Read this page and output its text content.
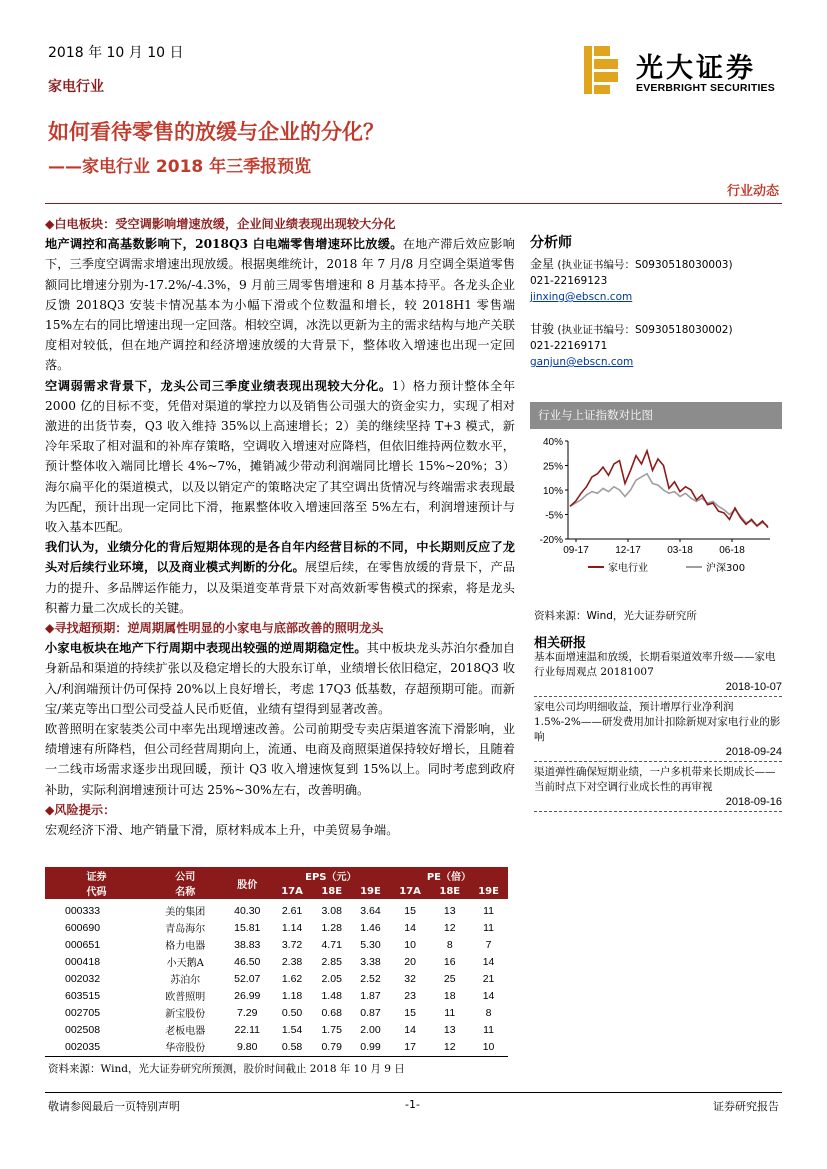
2018 年 10 月 10 日
家电行业
光大证券
EVERBRIGHT SECURITIES
如何看待零售的放缓与企业的分化？
——家电行业 2018 年三季报预览
行业动态

◆白电板块：受空调影响增速放缓，企业间业绩表现出现较大分化

地产调控和高基数影响下，2018Q3 白电端零售增速环比放缓。在地产滞后效应影响下，三季度空调需求增速出现放缓。根据奥维统计，2018 年 7 月/8 月空调全渠道零售额同比增速分别为-17.2%/-4.3%，9 月前三周零售增速和 8 月基本持平。各龙头企业反馈 2018Q3 安装卡情况基本为小幅下滑或个位数温和增长，较 2018H1 零售端 15%左右的同比增速出现一定回落。相较空调，冰洗以更新为主的需求结构与地产关联度相对较低，但在地产调控和经济增速放缓的大背景下，整体收入增速也出现一定回落。

空调弱需求背景下，龙头公司三季度业绩表现出现较大分化。1）格力预计整体全年 2000 亿的目标不变，凭借对渠道的掌控力以及销售公司强大的资金实力，实现了相对激进的出货节奏，Q3 收入维持 35%以上高速增长；2）美的继续坚持 T+3 模式，新冷年采取了相对温和的补库存策略，空调收入增速对应降档，但依旧维持两位数水平，预计整体收入端同比增长 4%~7%，摊销减少带动利润端同比增长 15%~20%；3）海尔扁平化的渠道模式，以及以销定产的策略决定了其空调出货情况与终端需求表现最为匹配，预计出现一定同比下滑，拖累整体收入增速回落至 5%左右，利润增速预计与收入基本匹配。

我们认为，业绩分化的背后短期体现的是各自年内经营目标的不同，中长期则反应了龙头对后续行业环境，以及商业模式判断的分化。展望后续，在零售放缓的背景下，产品力的提升、多品牌运作能力，以及渠道变革背景下对高效新零售模式的探索，将是龙头积蓄力量二次成长的关键。

◆寻找超预期：逆周期属性明显的小家电与底部改善的照明龙头

小家电板块在地产下行周期中表现出较强的逆周期稳定性。其中板块龙头苏泊尔叠加自身新品和渠道的持续扩张以及稳定增长的大股东订单，业绩增长依旧稳定，2018Q3 收入/利润端预计仍可保持 20%以上良好增长，考虑 17Q3 低基数，存超预期可能。而新宝/莱克等出口型公司受益人民币贬值，业绩有望得到显著改善。

欧普照明在家装类公司中率先出现增速改善。公司前期受专卖店渠道客流下滑影响，业绩增速有所降档，但公司经营周期向上，流通、电商及商照渠道保持较好增长，且随着一二线市场需求逐步出现回暖，预计 Q3 收入增速恢复到 15%以上。同时考虑到政府补助，实际利润增速预计可达 25%~30%左右，改善明确。

◆风险提示：

宏观经济下滑、地产销量下滑，原材料成本上升，中美贸易争端。

分析师
金星 (执业证书编号：S0930518030003)
021-22169123
jinxing@ebscn.com
甘骏 (执业证书编号：S0930518030002)
021-22169171
ganjun@ebscn.com
行业与上证指数对比图
40%
25%
10%
-5%
-20%
09-17	12-17	03-18	06-18
家电行业	沪深300
资料来源：Wind，光大证券研究所
相关研报
基本面增速温和放缓，长期看渠道效率升级——家电行业每周观点 20181007
2018-10-07
家电公司均明细收益，预计增厚行业净利润 1.5%-2%——研发费用加计扣除新规对家电行业的影响
2018-09-24
渠道弹性确保短期业绩，一户多机带来长期成长——当前时点下对空调行业成长性的再审视
2018-09-16
证券
代码	公司
名称	股价	EPS（元）			PE（倍）		
			17A	18E	19E	17A	18E	19E
000333	美的集团	40.30	2.61	3.08	3.64	15	13	11
600690	青岛海尔	15.81	1.14	1.28	1.46	14	12	11
000651	格力电器	38.83	3.72	4.71	5.30	10	8	7
000418	小天鹅A	46.50	2.38	2.85	3.38	20	16	14
002032	苏泊尔	52.07	1.62	2.05	2.52	32	25	21
603515	欧普照明	26.99	1.18	1.48	1.87	23	18	14
002705	新宝股份	7.29	0.50	0.68	0.87	15	11	8
002508	老板电器	22.11	1.54	1.75	2.00	14	13	11
002035	华帝股份	9.80	0.58	0.79	0.99	17	12	10
资料来源：Wind，光大证券研究所预测，股价时间截止 2018 年 10 月 9 日
敬请参阅最后一页特别声明	-1-	证券研究报告
